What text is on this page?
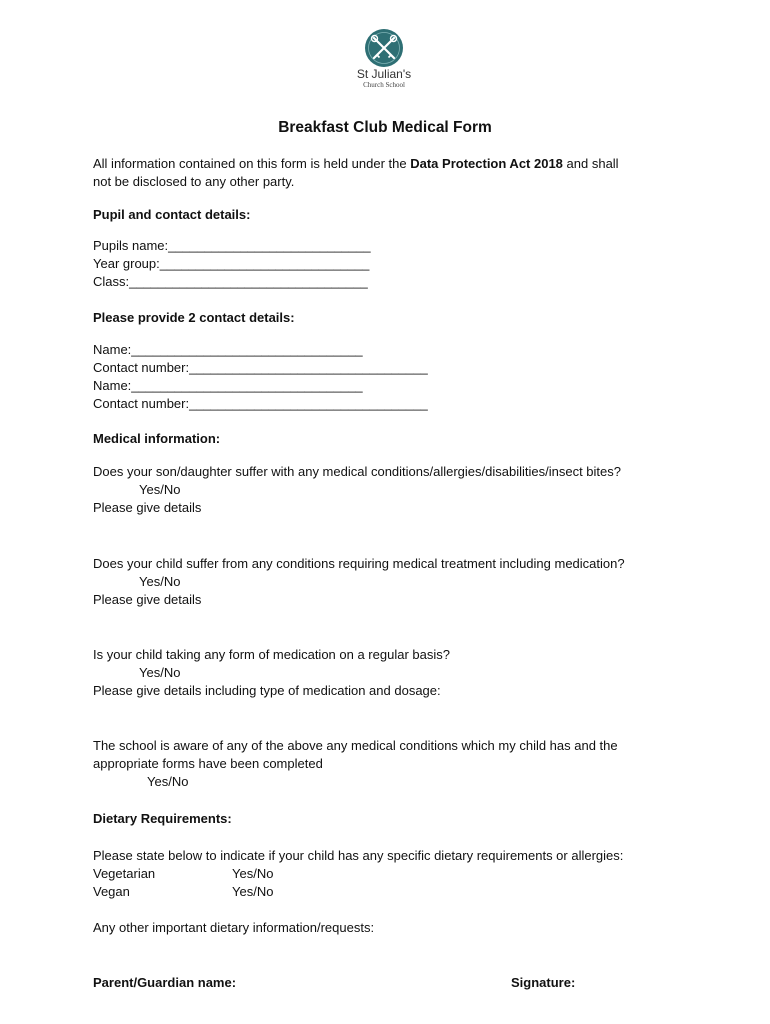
St Julian's
Church School
Breakfast Club Medical Form
All information contained on this form is held under the Data Protection Act 2018 and shall
not be disclosed to any other party.
Pupil and contact details:
Pupils name:____________________________
Year group:_____________________________
Class:_________________________________
Please provide 2 contact details:
Name:________________________________
Contact number:_________________________________
Name:________________________________
Contact number:_________________________________
Medical information:
Does your son/daughter suffer with any medical conditions/allergies/disabilities/insect bites?
Yes/No
Please give details
Does your child suffer from any conditions requiring medical treatment including medication?
Yes/No
Please give details
Is your child taking any form of medication on a regular basis?
Yes/No
Please give details including type of medication and dosage:
The school is aware of any of the above any medical conditions which my child has and the
appropriate forms have been completed
Yes/No
Dietary Requirements:
Please state below to indicate if your child has any specific dietary requirements or allergies:
Vegetarian	Yes/No
Vegan	Yes/No
Any other important dietary information/requests:
Parent/Guardian name:	Signature:
